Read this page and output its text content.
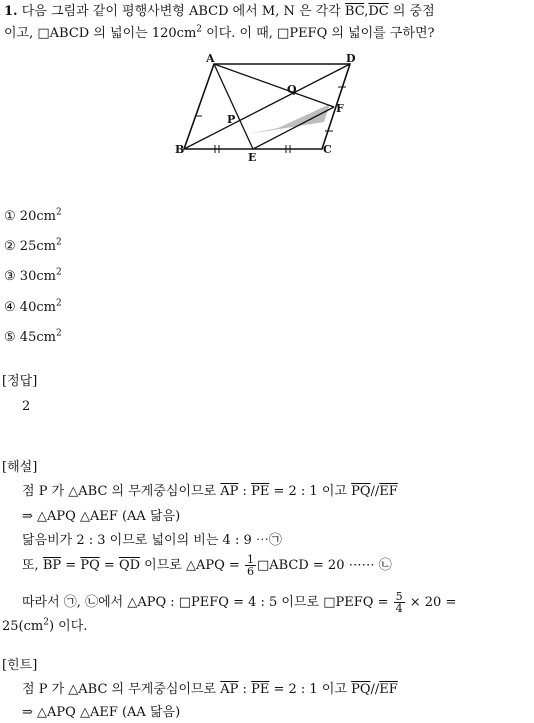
1. 다음 그림과 같이 평행사변형 ABCD 에서 M, N 은 각각 $\overline{BC},\overline{DC}$ 의 중점
이고, □ABCD 의 넓이는 $120cm^2$ 이다. 이 때, □PEFQ 의 넓이를 구하면?
A	D
B	C
E
F
P
Q
① $20cm^2$
② $25cm^2$
③ $30cm^2$
④ $40cm^2$
⑤ $45cm^2$
[정답]
2
[해설]
점 P 가 △ABC 의 무게중심이므로 $\overline{AP}$ : $\overline{PE} = 2$ : 1 이고 $\overline{PQ}//\overline{EF}$
⇒ △APQ △AEF (AA 닮음)
닮음비가 2 : 3 이므로 넓이의 비는 4 : 9 ⋯㉠
또, $\overline{BP} = \overline{PQ} = \overline{QD}$ 이므로 △APQ = $\frac{1}{6}$ □ABCD = 20 ⋯⋯ ㉡
따라서 ㉠, ㉡에서 △APQ : □PEFQ = 4 : 5 이므로 □PEFQ = $\frac{5}{4} \times 20$ =
$25(cm^2)$ 이다.
[힌트]
점 P 가 △ABC 의 무게중심이므로 $\overline{AP}$ : $\overline{PE} = 2$ : 1 이고 $\overline{PQ}//\overline{EF}$
⇒ △APQ △AEF (AA 닮음)
